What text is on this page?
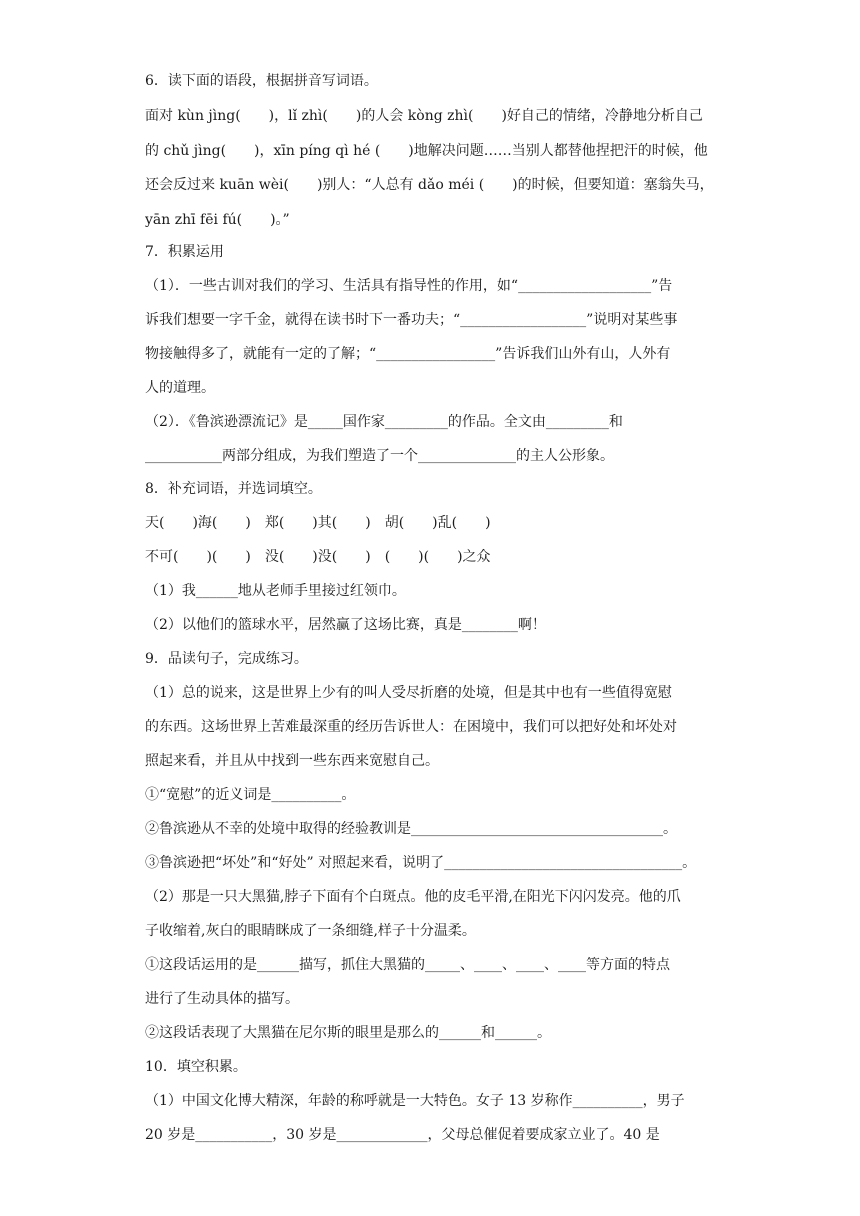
6．读下面的语段，根据拼音写词语。
面对 kùn jìng(　　)，lǐ zhì(　　)的人会 kòng zhì(　　)好自己的情绪，冷静地分析自己
的 chǔ jìng(　　)，xīn píng qì hé (　　)地解决问题……当别人都替他捏把汗的时候，他
还会反过来 kuān wèi(　　)别人：“人总有 dǎo méi (　　)的时候，但要知道：塞翁失马，
yān zhī fēi fú(　　)。”
7．积累运用
（1）．一些古训对我们的学习、生活具有指导性的作用，如“___________________”告
诉我们想要一字千金，就得在读书时下一番功夫；“__________________”说明对某些事
物接触得多了，就能有一定的了解；“_________________”告诉我们山外有山，人外有
人的道理。
（2）．《鲁滨逊漂流记》是_____国作家_________的作品。全文由_________和
___________两部分组成，为我们塑造了一个______________的主人公形象。
8．补充词语，并选词填空。
天(　　)海(　　)　郑(　　)其(　　)　胡(　　)乱(　　)
不可(　　)(　　)　没(　　)没(　　)　(　　)(　　)之众
（1）我______地从老师手里接过红领巾。
（2）以他们的篮球水平，居然赢了这场比赛，真是________啊！
9．品读句子，完成练习。
（1）总的说来，这是世界上少有的叫人受尽折磨的处境，但是其中也有一些值得宽慰
的东西。这场世界上苦难最深重的经历告诉世人：在困境中，我们可以把好处和坏处对
照起来看，并且从中找到一些东西来宽慰自己。
①“宽慰”的近义词是__________。
②鲁滨逊从不幸的处境中取得的经验教训是____________________________________。
③鲁滨逊把“坏处”和“好处” 对照起来看，说明了__________________________________。
（2）那是一只大黑猫,脖子下面有个白斑点。他的皮毛平滑,在阳光下闪闪发亮。他的爪
子收缩着,灰白的眼睛眯成了一条细缝,样子十分温柔。
①这段话运用的是______描写，抓住大黑猫的_____、____、____、____等方面的特点
进行了生动具体的描写。
②这段话表现了大黑猫在尼尔斯的眼里是那么的______和______。
10．填空积累。
（1）中国文化博大精深，年龄的称呼就是一大特色。女子 13 岁称作__________，男子
20 岁是___________，30 岁是_____________，父母总催促着要成家立业了。40 是
